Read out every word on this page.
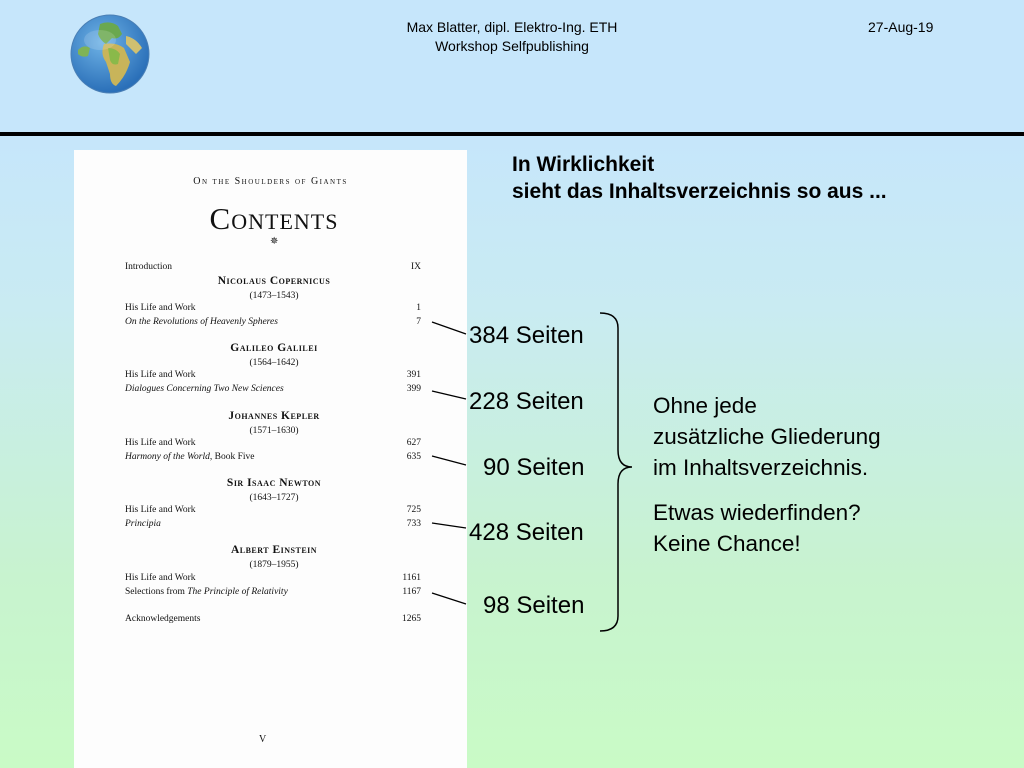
Max Blatter, dipl. Elektro-Ing. ETH
Workshop Selfpublishing
27-Aug-19
On the Shoulders of Giants
Contents
✵
Introduction	IX
Nicolaus Copernicus
(1473–1543)
His Life and Work	1
On the Revolutions of Heavenly Spheres	7
Galileo Galilei
(1564–1642)
His Life and Work	391
Dialogues Concerning Two New Sciences	399
Johannes Kepler
(1571–1630)
His Life and Work	627
Harmony of the World, Book Five	635
Sir Isaac Newton
(1643–1727)
His Life and Work	725
Principia	733
Albert Einstein
(1879–1955)
His Life and Work	1161
Selections from The Principle of Relativity	1167
Acknowledgements	1265
V
In Wirklichkeit
sieht das Inhaltsverzeichnis so aus ...
384 Seiten
228 Seiten
90 Seiten
428 Seiten
98 Seiten
Ohne jede
zusätzliche Gliederung
im Inhaltsverzeichnis.
Etwas wiederfinden?
Keine Chance!
